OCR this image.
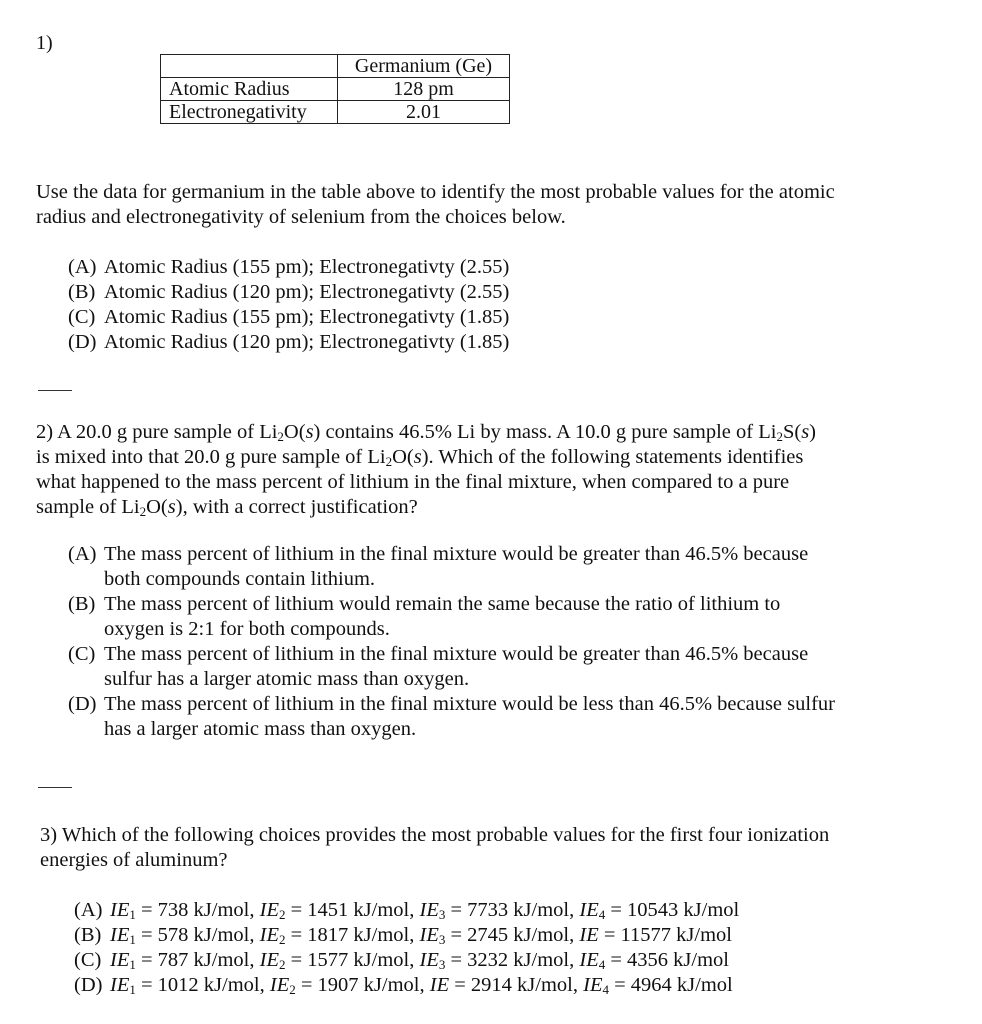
1)
	Germanium (Ge)
Atomic Radius	128 pm
Electronegativity	2.01
Use the data for germanium in the table above to identify the most probable values for the atomic
radius and electronegativity of selenium from the choices below.
(A) Atomic Radius (155 pm); Electronegativty (2.55)
(B) Atomic Radius (120 pm); Electronegativty (2.55)
(C) Atomic Radius (155 pm); Electronegativty (1.85)
(D) Atomic Radius (120 pm); Electronegativty (1.85)
2) A 20.0 g pure sample of $Li_2O(s)$ contains 46.5% Li by mass. A 10.0 g pure sample of $Li_2S(s)$
is mixed into that 20.0 g pure sample of $Li_2O(s)$. Which of the following statements identifies
what happened to the mass percent of lithium in the final mixture, when compared to a pure
sample of $Li_2O(s)$, with a correct justification?
(A) The mass percent of lithium in the final mixture would be greater than 46.5% because
both compounds contain lithium.
(B) The mass percent of lithium would remain the same because the ratio of lithium to
oxygen is 2:1 for both compounds.
(C) The mass percent of lithium in the final mixture would be greater than 46.5% because
sulfur has a larger atomic mass than oxygen.
(D) The mass percent of lithium in the final mixture would be less than 46.5% because sulfur
has a larger atomic mass than oxygen.
3) Which of the following choices provides the most probable values for the first four ionization
energies of aluminum?
(A) $IE_1 = 738$ kJ/mol, $IE_2 = 1451$ kJ/mol, $IE_3 = 7733$ kJ/mol, $IE_4 = 10543$ kJ/mol
(B) $IE_1 = 578$ kJ/mol, $IE_2 = 1817$ kJ/mol, $IE_3 = 2745$ kJ/mol, IE = 11577 kJ/mol
(C) $IE_1 = 787$ kJ/mol, $IE_2 = 1577$ kJ/mol, $IE_3 = 3232$ kJ/mol, $IE_4 = 4356$ kJ/mol
(D) $IE_1 = 1012$ kJ/mol, $IE_2 = 1907$ kJ/mol, IE = 2914 kJ/mol, $IE_4 = 4964$ kJ/mol
